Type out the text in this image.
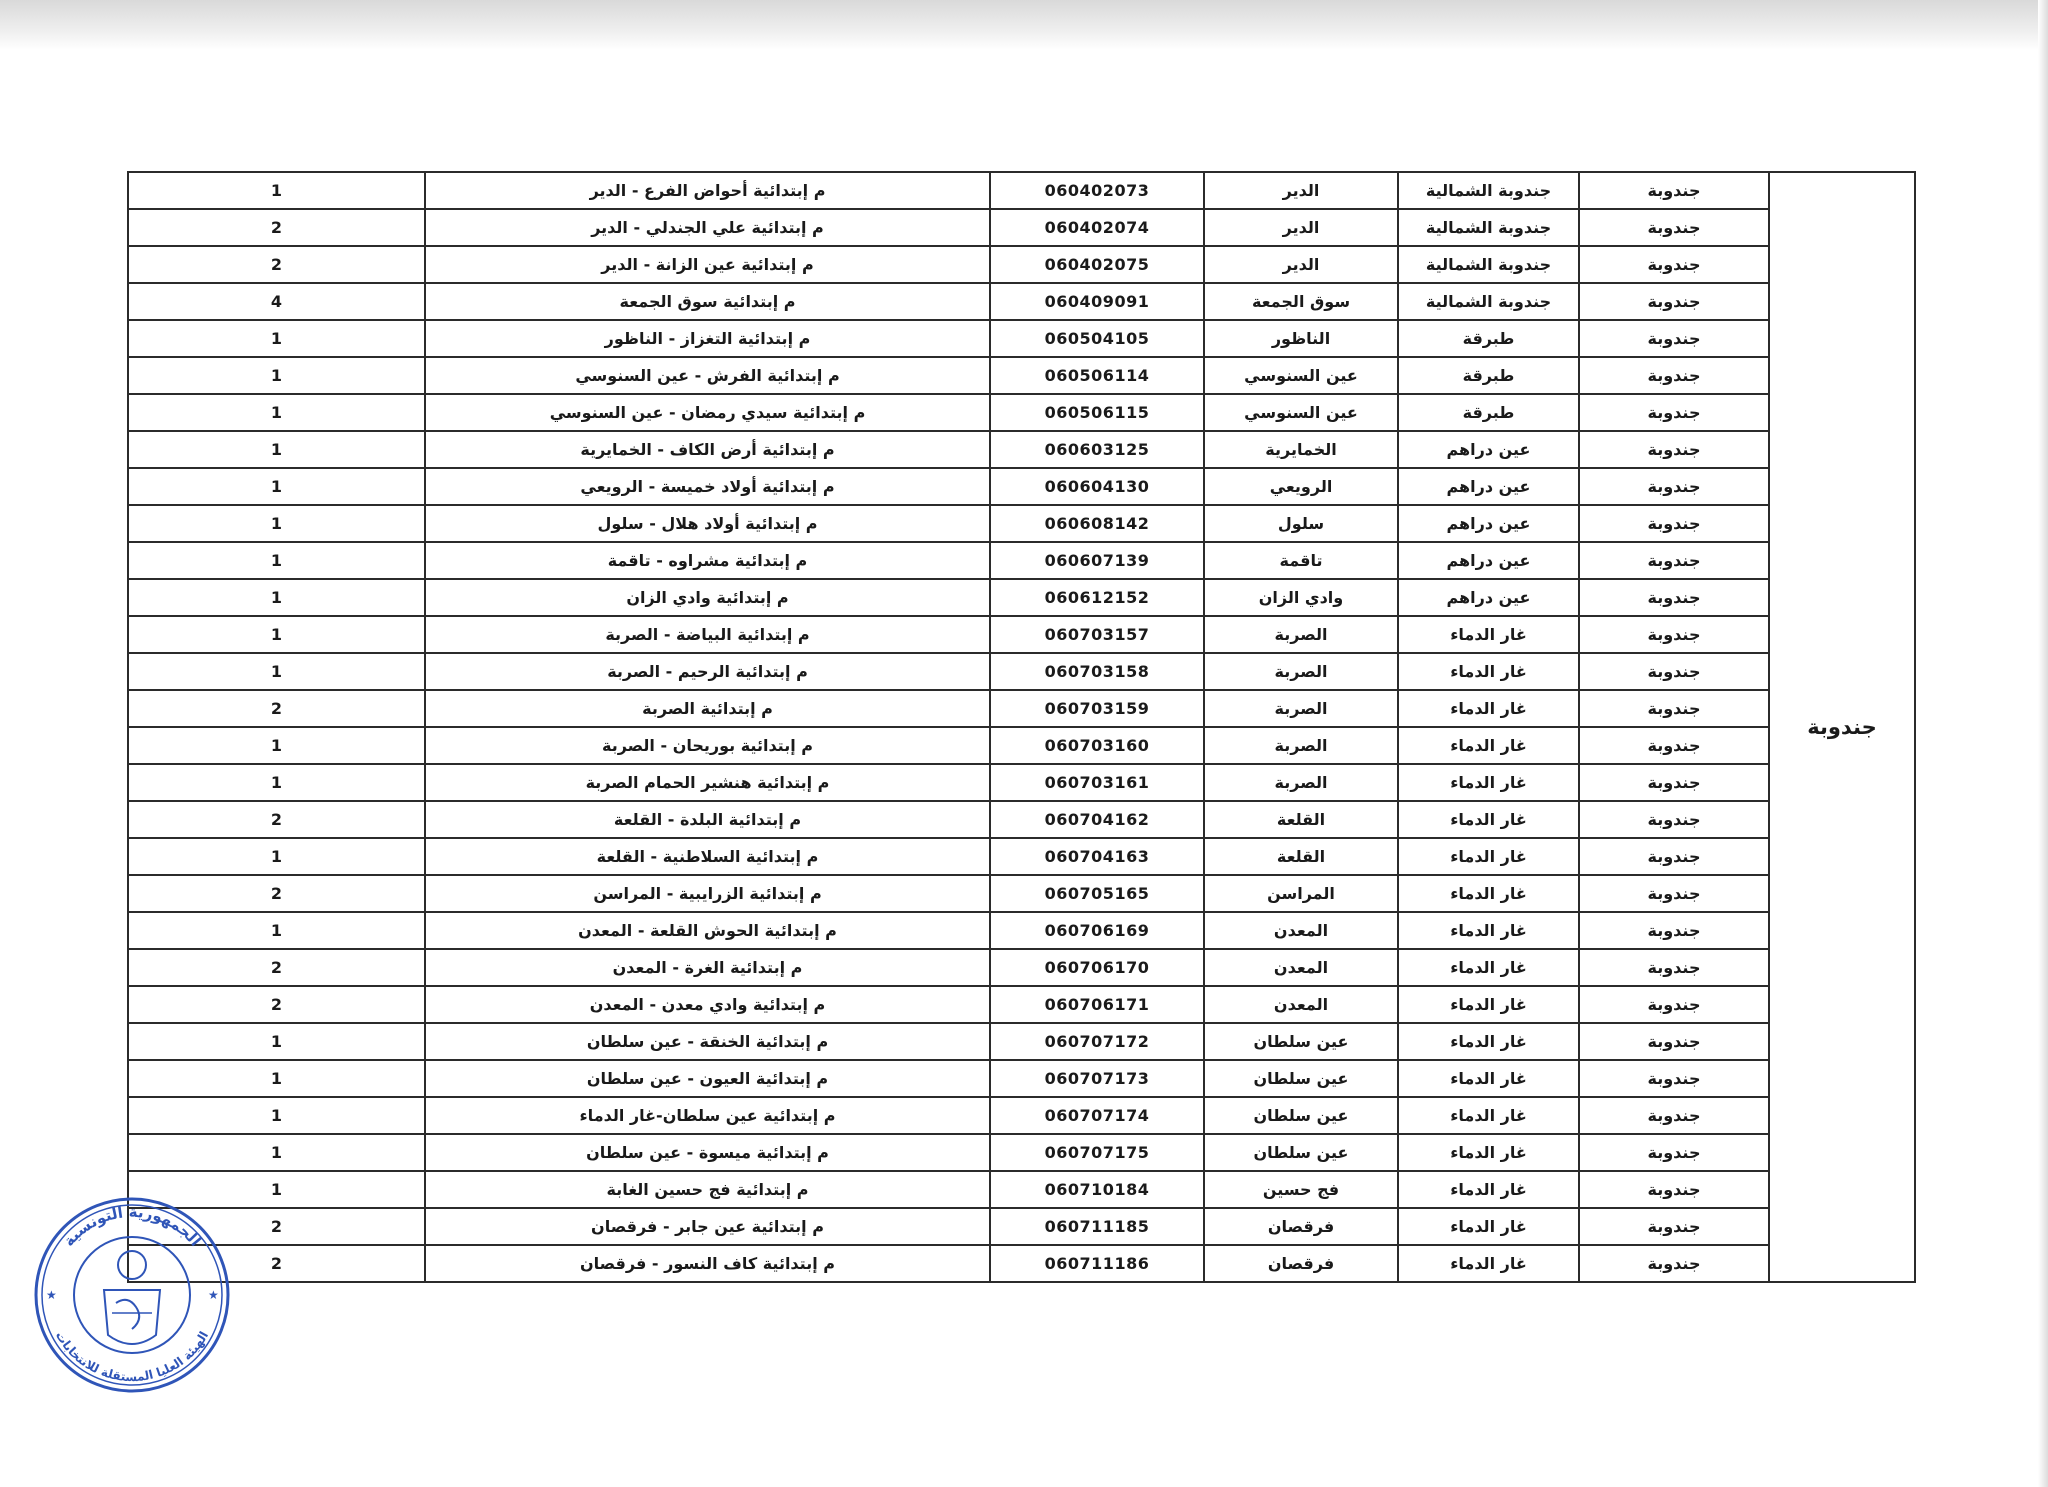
جندوبة	جندوبة	جندوبة الشمالية	الدير	060402073	م إبتدائية أحواض الفرع - الدير	1
	جندوبة	جندوبة الشمالية	الدير	060402074	م إبتدائية علي الجندلي - الدير	2
	جندوبة	جندوبة الشمالية	الدير	060402075	م إبتدائية عين الزانة - الدير	2
	جندوبة	جندوبة الشمالية	سوق الجمعة	060409091	م إبتدائية سوق الجمعة	4
	جندوبة	طبرقة	الناظور	060504105	م إبتدائية التغزاز - الناظور	1
	جندوبة	طبرقة	عين السنوسي	060506114	م إبتدائية الفرش - عين السنوسي	1
	جندوبة	طبرقة	عين السنوسي	060506115	م إبتدائية سيدي رمضان - عين السنوسي	1
	جندوبة	عين دراهم	الخمايرية	060603125	م إبتدائية أرض الكاف - الخمايرية	1
	جندوبة	عين دراهم	الرويعي	060604130	م إبتدائية أولاد خميسة - الرويعي	1
	جندوبة	عين دراهم	سلول	060608142	م إبتدائية أولاد هلال - سلول	1
	جندوبة	عين دراهم	تاقمة	060607139	م إبتدائية مشراوه - تاقمة	1
	جندوبة	عين دراهم	وادي الزان	060612152	م إبتدائية وادي الزان	1
	جندوبة	غار الدماء	الصربة	060703157	م إبتدائية البياضة - الصربة	1
	جندوبة	غار الدماء	الصربة	060703158	م إبتدائية الرحيم - الصربة	1
	جندوبة	غار الدماء	الصربة	060703159	م إبتدائية الصربة	2
	جندوبة	غار الدماء	الصربة	060703160	م إبتدائية بوريحان - الصربة	1
	جندوبة	غار الدماء	الصربة	060703161	م إبتدائية هنشير الحمام الصربة	1
	جندوبة	غار الدماء	القلعة	060704162	م إبتدائية البلدة - القلعة	2
	جندوبة	غار الدماء	القلعة	060704163	م إبتدائية السلاطنية - القلعة	1
	جندوبة	غار الدماء	المراسن	060705165	م إبتدائية الزرايبية - المراسن	2
	جندوبة	غار الدماء	المعدن	060706169	م إبتدائية الحوش القلعة - المعدن	1
	جندوبة	غار الدماء	المعدن	060706170	م إبتدائية الغرة - المعدن	2
	جندوبة	غار الدماء	المعدن	060706171	م إبتدائية وادي معدن - المعدن	2
	جندوبة	غار الدماء	عين سلطان	060707172	م إبتدائية الخنقة - عين سلطان	1
	جندوبة	غار الدماء	عين سلطان	060707173	م إبتدائية العيون - عين سلطان	1
	جندوبة	غار الدماء	عين سلطان	060707174	م إبتدائية عين سلطان-غار الدماء	1
	جندوبة	غار الدماء	عين سلطان	060707175	م إبتدائية ميسوة - عين سلطان	1
	جندوبة	غار الدماء	فج حسين	060710184	م إبتدائية فج حسين الغابة	1
	جندوبة	غار الدماء	فرقصان	060711185	م إبتدائية عين جابر - فرقصان	2
	جندوبة	غار الدماء	فرقصان	060711186	م إبتدائية كاف النسور - فرقصان	2
الجمهورية التونسية
الهيئة العليا المستقلة للانتخابات
★	★
